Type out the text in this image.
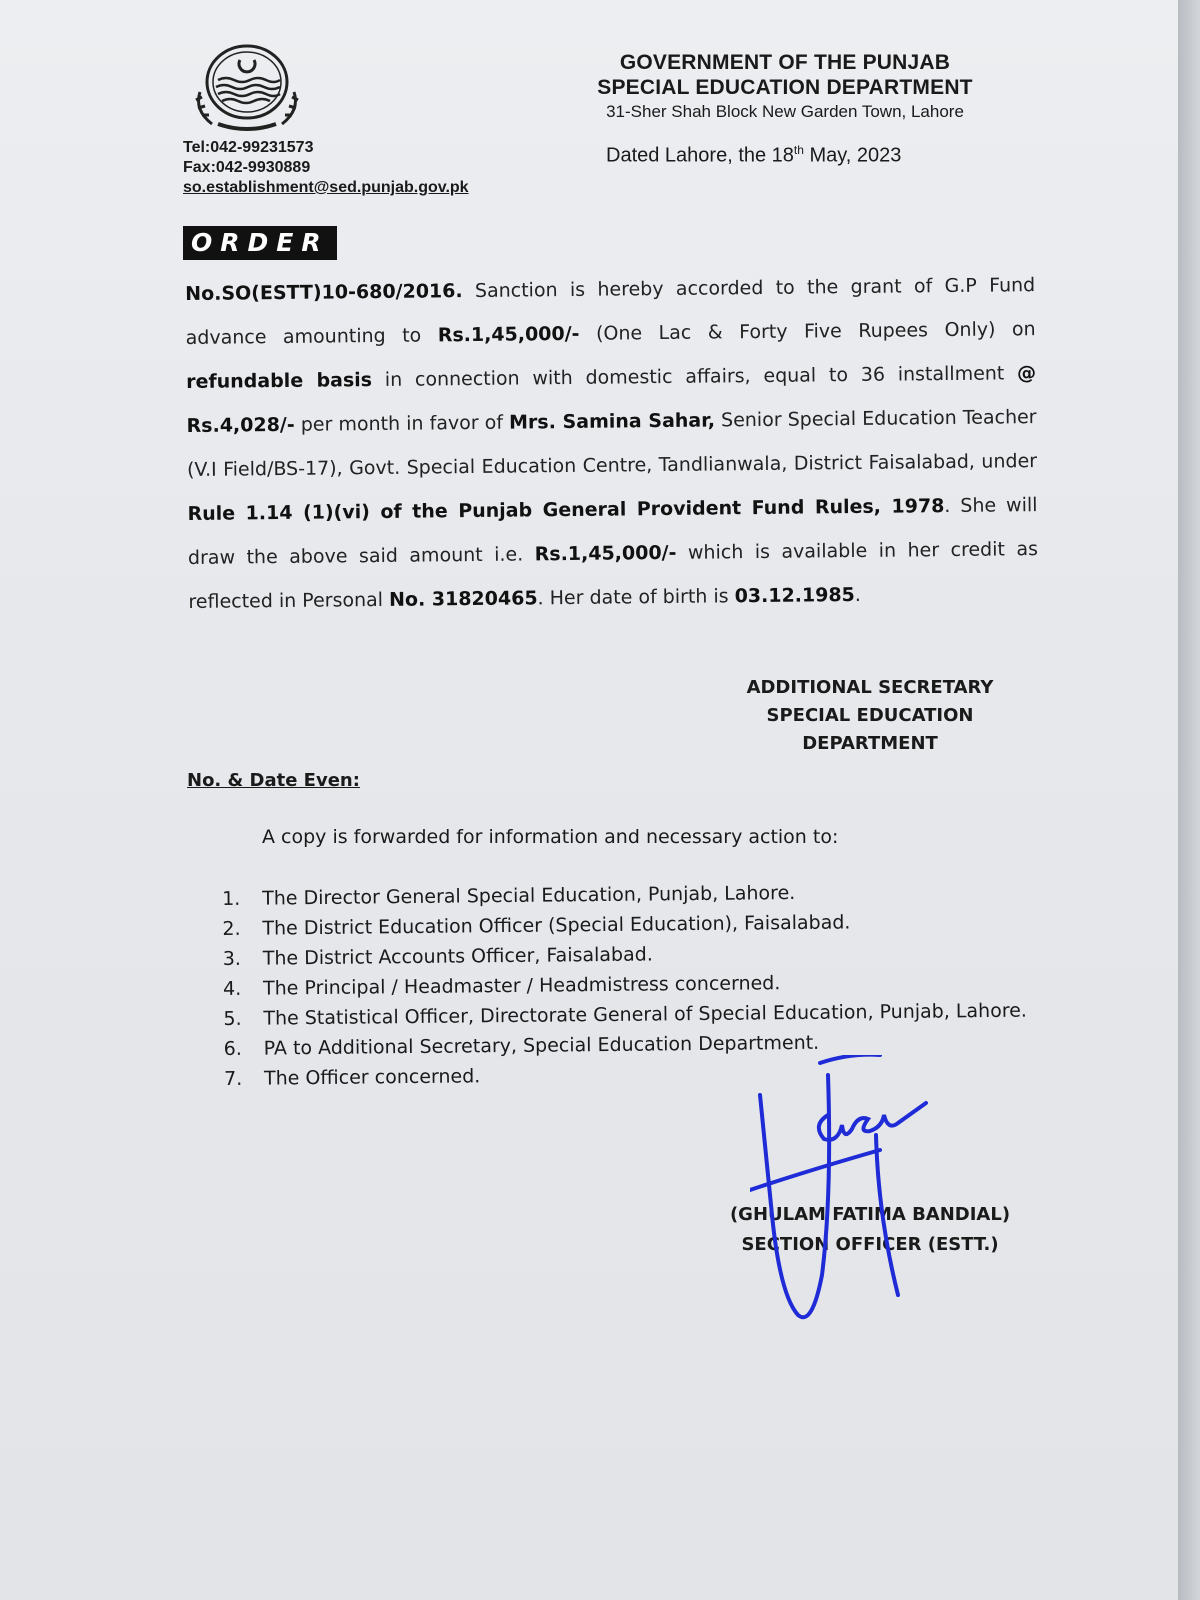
Tel:042-99231573
Fax:042-9930889
so.establishment@sed.punjab.gov.pk
GOVERNMENT OF THE PUNJAB
SPECIAL EDUCATION DEPARTMENT
31-Sher Shah Block New Garden Town, Lahore
Dated Lahore, the 18th May, 2023
ORDER
No.SO(ESTT)10-680/2016. Sanction is hereby accorded to the grant of G.P Fund advance amounting to Rs.1,45,000/- (One Lac & Forty Five Rupees Only) on refundable basis in connection with domestic affairs, equal to 36 installment @ Rs.4,028/- per month in favor of Mrs. Samina Sahar, Senior Special Education Teacher (V.I Field/BS-17), Govt. Special Education Centre, Tandlianwala, District Faisalabad, under Rule 1.14 (1)(vi) of the Punjab General Provident Fund Rules, 1978. She will draw the above said amount i.e. Rs.1,45,000/- which is available in her credit as reflected in Personal No. 31820465. Her date of birth is 03.12.1985.
ADDITIONAL SECRETARY
SPECIAL EDUCATION
DEPARTMENT
No. & Date Even:
A copy is forwarded for information and necessary action to:
1.	The Director General Special Education, Punjab, Lahore.
2.	The District Education Officer (Special Education), Faisalabad.
3.	The District Accounts Officer, Faisalabad.
4.	The Principal / Headmaster / Headmistress concerned.
5.	The Statistical Officer, Directorate General of Special Education, Punjab, Lahore.
6.	PA to Additional Secretary, Special Education Department.
7.	The Officer concerned.
(GHULAM FATIMA BANDIAL)
SECTION OFFICER (ESTT.)
